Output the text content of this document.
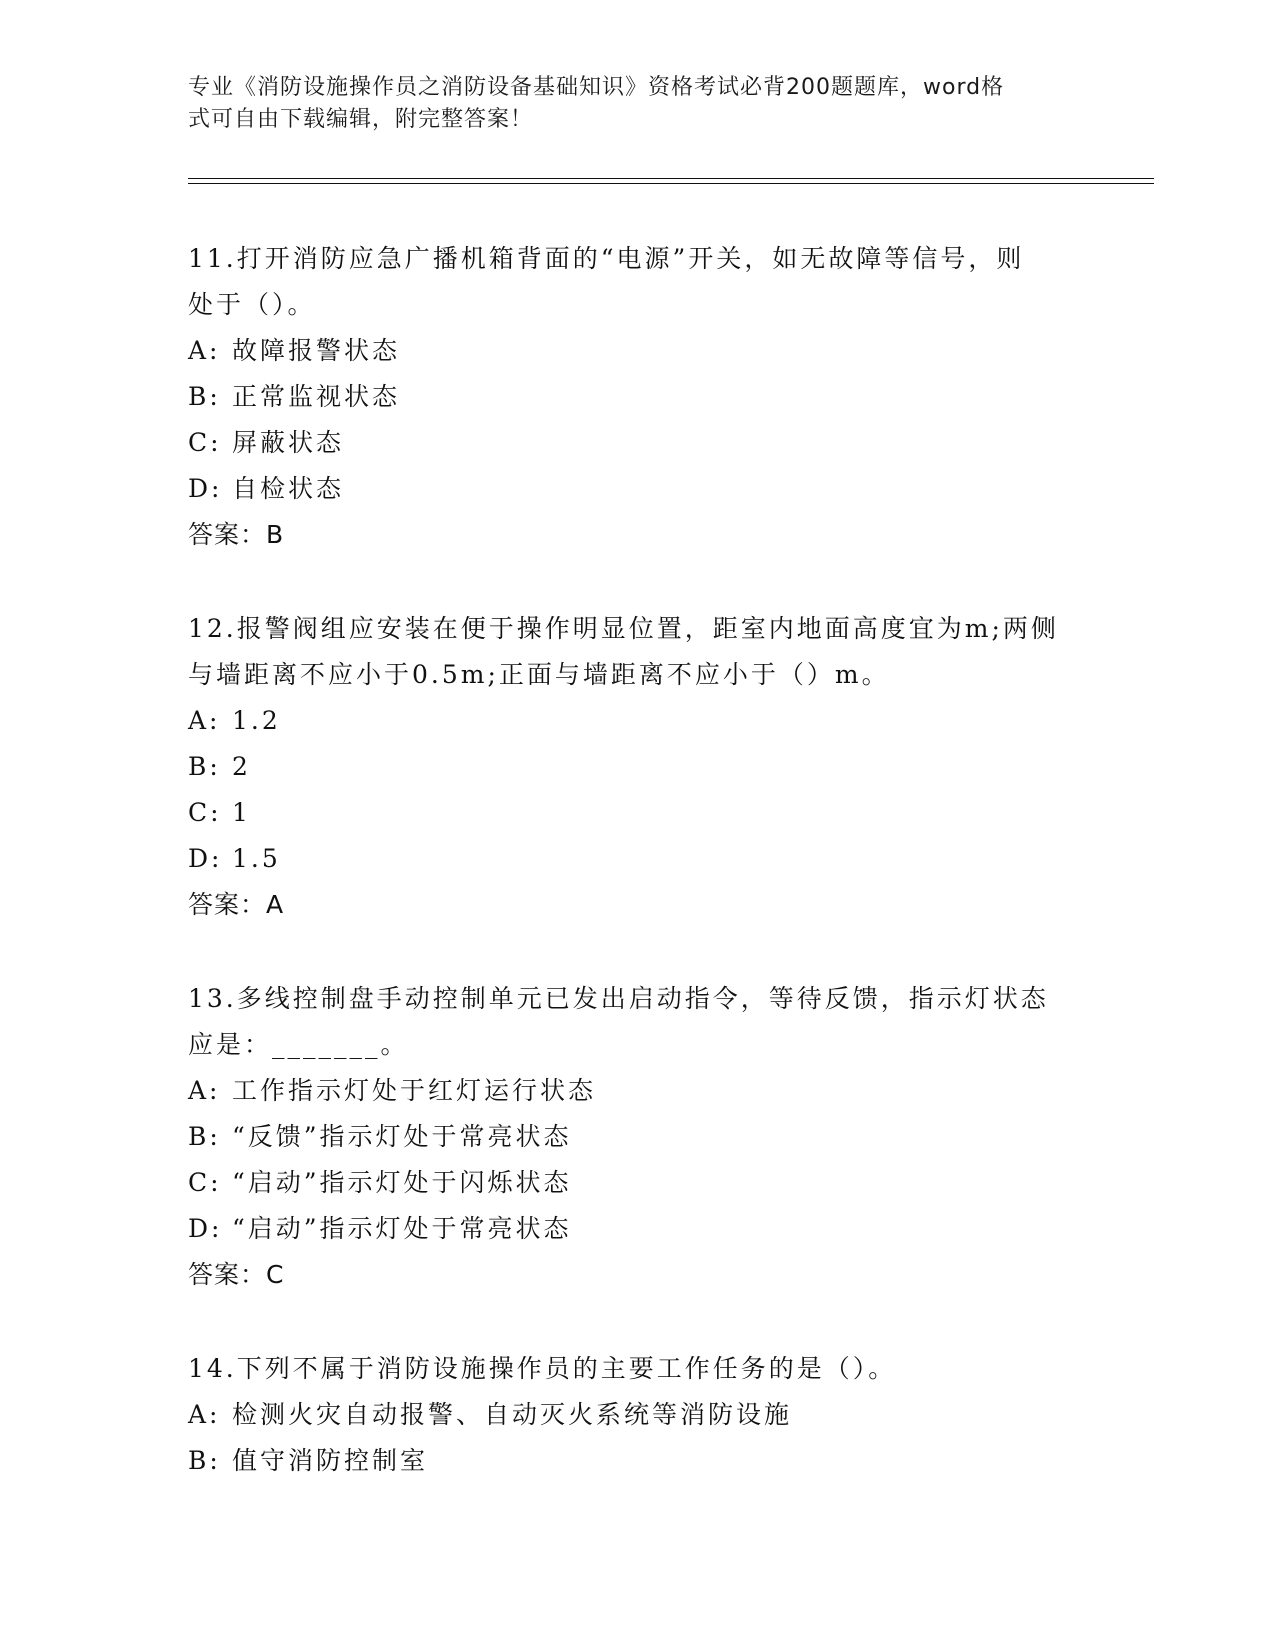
专业《消防设施操作员之消防设备基础知识》资格考试必背200题题库，word格
式可自由下载编辑，附完整答案！

11.打开消防应急广播机箱背面的“电源”开关，如无故障等信号，则

处于（）。

A: 故障报警状态

B: 正常监视状态

C: 屏蔽状态

D: 自检状态

答案：B

12.报警阀组应安装在便于操作明显位置，距室内地面高度宜为m;两侧

与墙距离不应小于0.5m;正面与墙距离不应小于（）m。

A: 1.2

B: 2

C: 1

D: 1.5

答案：A

13.多线控制盘手动控制单元已发出启动指令，等待反馈，指示灯状态

应是：_______。

A: 工作指示灯处于红灯运行状态

B: “反馈”指示灯处于常亮状态

C: “启动”指示灯处于闪烁状态

D: “启动”指示灯处于常亮状态

答案：C

14.下列不属于消防设施操作员的主要工作任务的是（）。

A: 检测火灾自动报警、自动灭火系统等消防设施

B: 值守消防控制室
